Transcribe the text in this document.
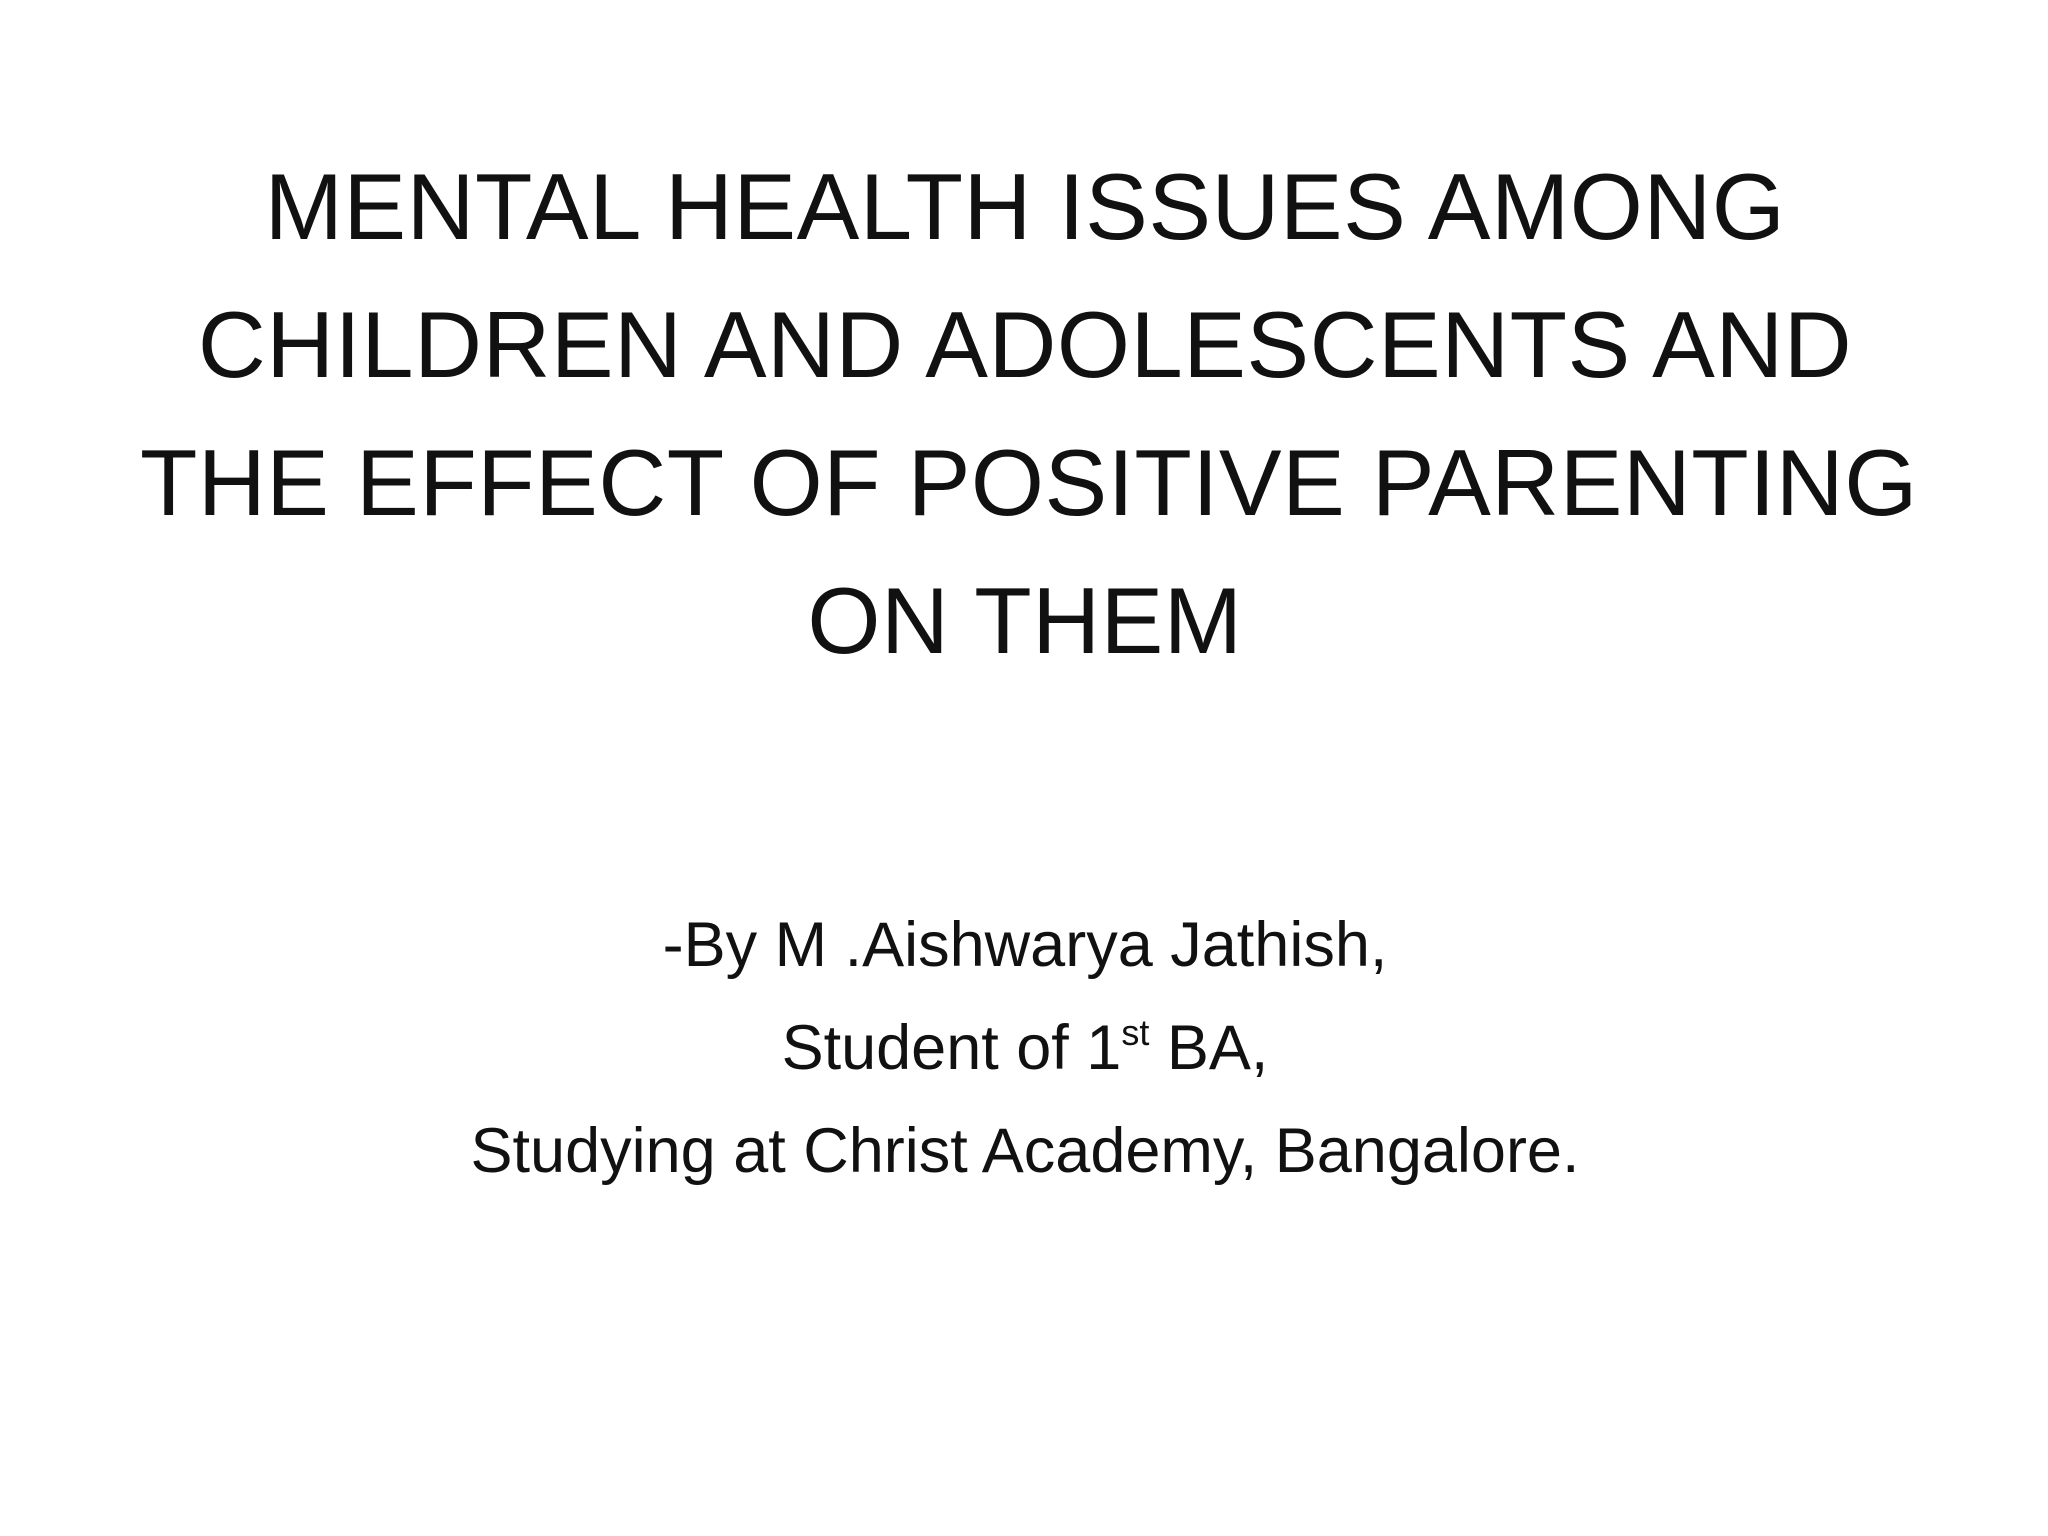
MENTAL HEALTH ISSUES AMONG
CHILDREN AND ADOLESCENTS AND
THE EFFECT OF POSITIVE PARENTING
ON THEM
-By M .Aishwarya Jathish,
Student of 1st BA,
Studying at Christ Academy, Bangalore.
